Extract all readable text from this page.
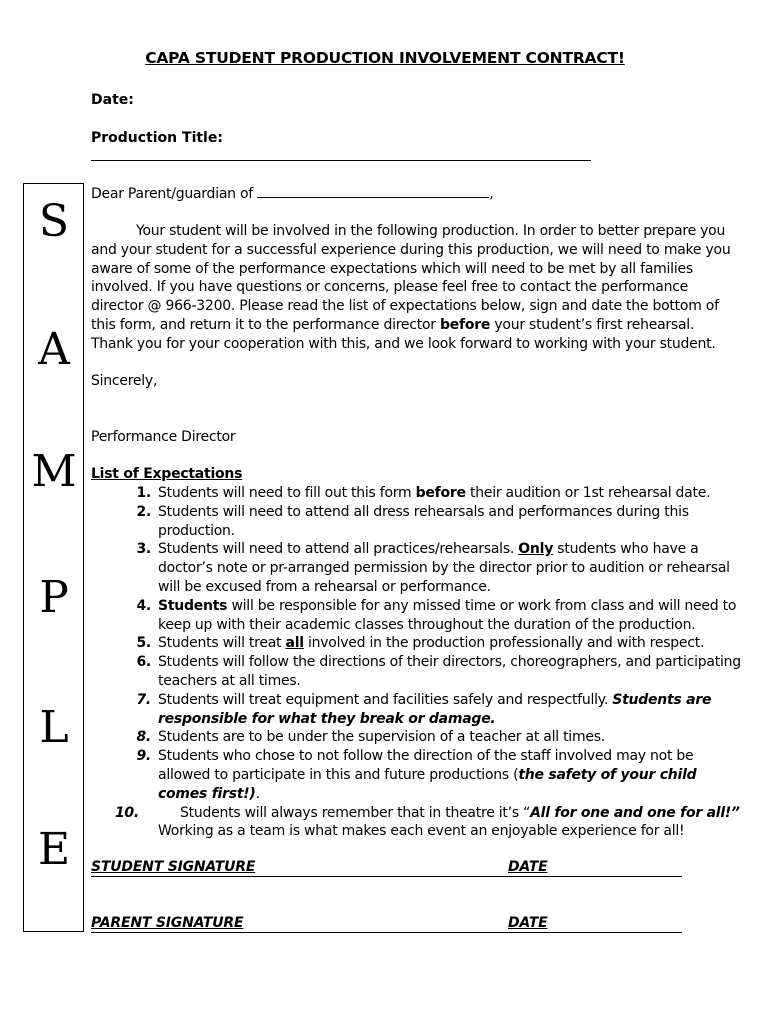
CAPA STUDENT PRODUCTION INVOLVEMENT CONTRACT!
Date:
Production Title:
S
A
M
P
L
E
Dear Parent/guardian of	,
Your student will be involved in the following production. In order to better prepare you and your student for a successful experience during this production, we will need to make you aware of some of the performance expectations which will need to be met by all families involved. If you have questions or concerns, please feel free to contact the performance director @ 966-3200. Please read the list of expectations below, sign and date the bottom of this form, and return it to the performance director before your student’s first rehearsal. Thank you for your cooperation with this, and we look forward to working with your student.
Sincerely,
Performance Director
List of Expectations
1. Students will need to fill out this form before their audition or 1st rehearsal date.
2. Students will need to attend all dress rehearsals and performances during this production.
3. Students will need to attend all practices/rehearsals. Only students who have a doctor’s note or pr-arranged permission by the director prior to audition or rehearsal will be excused from a rehearsal or performance.
4. Students will be responsible for any missed time or work from class and will need to keep up with their academic classes throughout the duration of the production.
5. Students will treat all involved in the production professionally and with respect.
6. Students will follow the directions of their directors, choreographers, and participating teachers at all times.
7. Students will treat equipment and facilities safely and respectfully. Students are responsible for what they break or damage.
8. Students are to be under the supervision of a teacher at all times.
9. Students who chose to not follow the direction of the staff involved may not be allowed to participate in this and future productions (the safety of your child comes first!).
10.	Students will always remember that in theatre it’s “All for one and one for all!” Working as a team is what makes each event an enjoyable experience for all!
STUDENT SIGNATURE	DATE
PARENT SIGNATURE	DATE
